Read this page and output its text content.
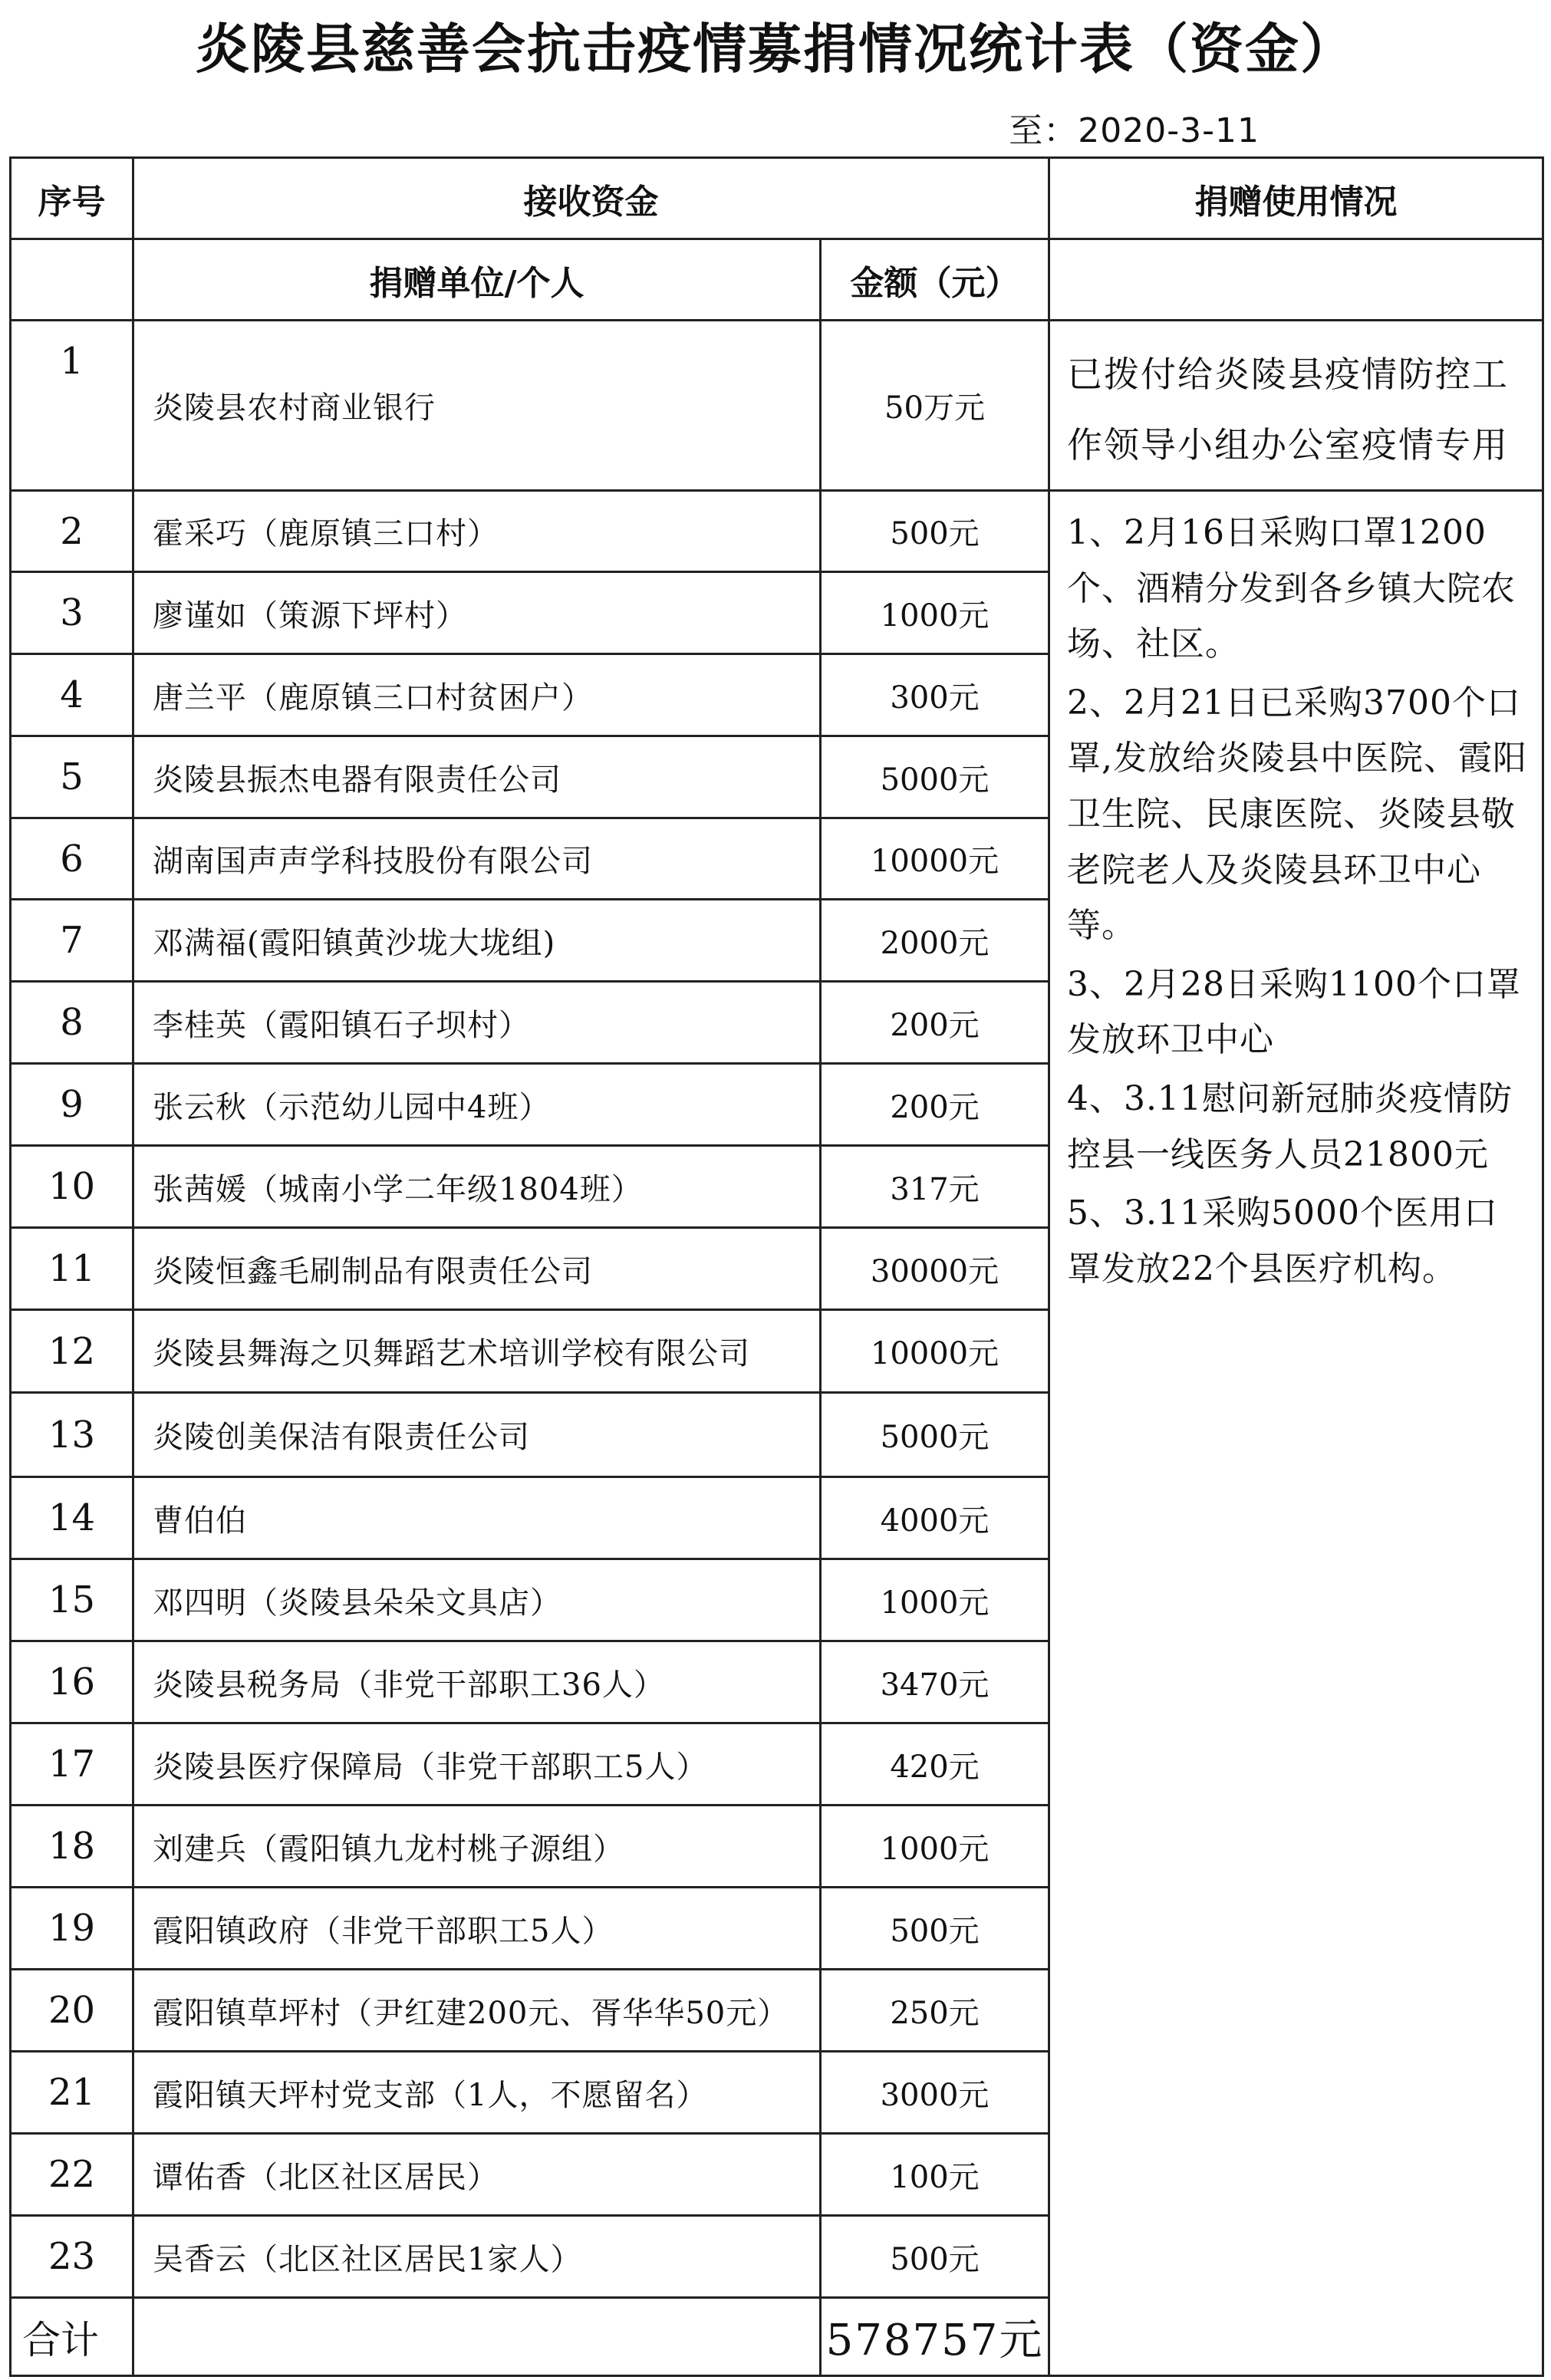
炎陵县慈善会抗击疫情募捐情况统计表（资金）
至：2020-3-11
序号	接收资金		捐赠使用情况	
	捐赠单位/个人	金额（元）		
1	炎陵县农村商业银行	50万元	已拨付给炎陵县疫情防控工作领导小组办公室疫情专用	
2	霍采巧（鹿原镇三口村）	500元	1、2月16日采购口罩1200个、酒精分发到各乡镇大院农场、社区。

2、2月21日已采购3700个口罩,发放给炎陵县中医院、霞阳卫生院、民康医院、炎陵县敬老院老人及炎陵县环卫中心等。

3、2月28日采购1100个口罩发放环卫中心

4、3.11慰问新冠肺炎疫情防控县一线医务人员21800元

5、3.11采购5000个医用口罩发放22个县医疗机构。	

3	廖谨如（策源下坪村）	1000元		
4	唐兰平（鹿原镇三口村贫困户）	300元		
5	炎陵县振杰电器有限责任公司	5000元		
6	湖南国声声学科技股份有限公司	10000元		
7	邓满福(霞阳镇黄沙垅大垅组)	2000元		
8	李桂英（霞阳镇石子坝村）	200元		
9	张云秋（示范幼儿园中4班）	200元		
10	张茜媛（城南小学二年级1804班）	317元		
11	炎陵恒鑫毛刷制品有限责任公司	30000元		
12	炎陵县舞海之贝舞蹈艺术培训学校有限公司	10000元		
13	炎陵创美保洁有限责任公司	5000元		
14	曹伯伯	4000元		
15	邓四明（炎陵县朵朵文具店）	1000元		
16	炎陵县税务局（非党干部职工36人）	3470元		
17	炎陵县医疗保障局（非党干部职工5人）	420元		
18	刘建兵（霞阳镇九龙村桃子源组）	1000元		
19	霞阳镇政府（非党干部职工5人）	500元		
20	霞阳镇草坪村（尹红建200元、胥华华50元）	250元		
21	霞阳镇天坪村党支部（1人，不愿留名）	3000元		
22	谭佑香（北区社区居民）	100元		
23	吴香云（北区社区居民1家人）	500元		
合计		578757元		
